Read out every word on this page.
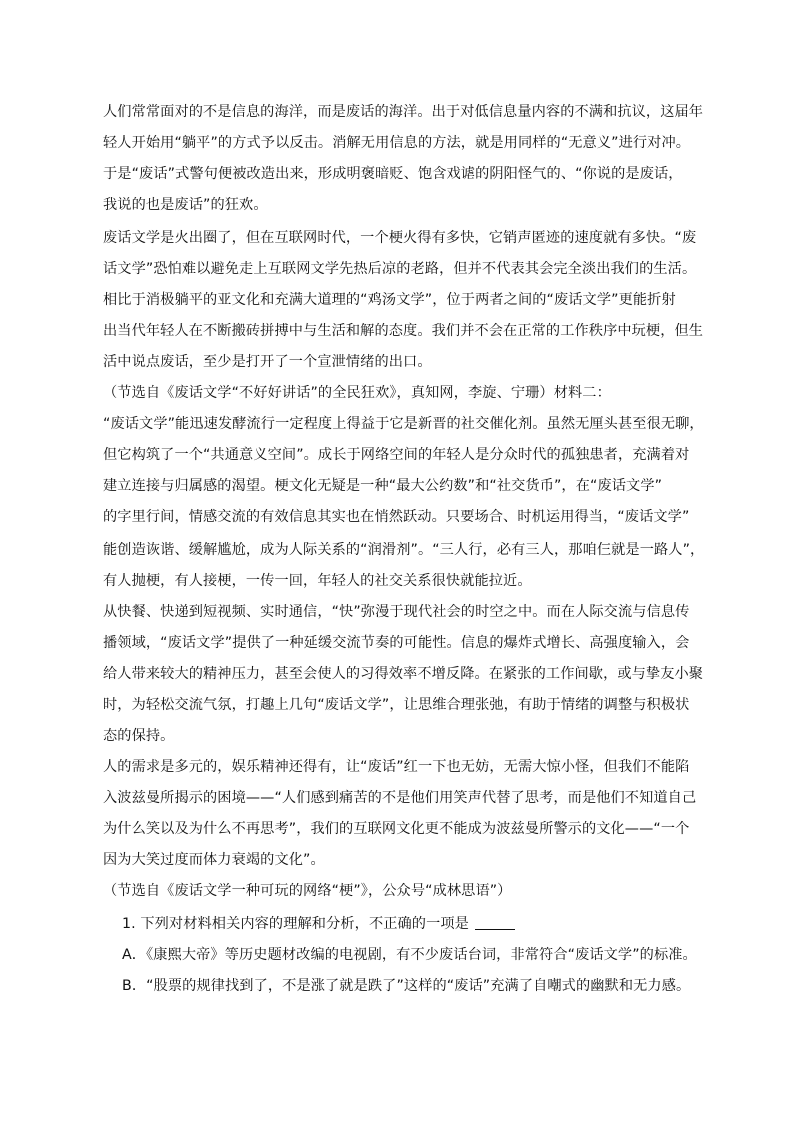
人们常常面对的不是信息的海洋，而是废话的海洋。出于对低信息量内容的不满和抗议，这届年
轻人开始用“躺平”的方式予以反击。消解无用信息的方法，就是用同样的“无意义”进行对冲。
于是“废话”式警句便被改造出来，形成明褒暗贬、饱含戏谑的阴阳怪气的、“你说的是废话，
我说的也是废话”的狂欢。
废话文学是火出圈了，但在互联网时代，一个梗火得有多快，它销声匿迹的速度就有多快。“废
话文学”恐怕难以避免走上互联网文学先热后凉的老路，但并不代表其会完全淡出我们的生活。
相比于消极躺平的亚文化和充满大道理的“鸡汤文学”，位于两者之间的“废话文学”更能折射
出当代年轻人在不断搬砖拼搏中与生活和解的态度。我们并不会在正常的工作秩序中玩梗，但生
活中说点废话，至少是打开了一个宣泄情绪的出口。
（节选自《废话文学“不好好讲话”的全民狂欢》，真知网，李旋、宁珊）材料二：
“废话文学”能迅速发酵流行一定程度上得益于它是新晋的社交催化剂。虽然无厘头甚至很无聊，
但它构筑了一个“共通意义空间”。成长于网络空间的年轻人是分众时代的孤独患者，充满着对
建立连接与归属感的渴望。梗文化无疑是一种“最大公约数”和“社交货币”，在“废话文学”
的字里行间，情感交流的有效信息其实也在悄然跃动。只要场合、时机运用得当，“废话文学”
能创造诙谐、缓解尴尬，成为人际关系的“润滑剂”。“三人行，必有三人，那咱仨就是一路人”，
有人抛梗，有人接梗，一传一回，年轻人的社交关系很快就能拉近。
从快餐、快递到短视频、实时通信，“快”弥漫于现代社会的时空之中。而在人际交流与信息传
播领域，“废话文学”提供了一种延缓交流节奏的可能性。信息的爆炸式增长、高强度输入，会
给人带来较大的精神压力，甚至会使人的习得效率不增反降。在紧张的工作间歇，或与挚友小聚
时，为轻松交流气氛，打趣上几句“废话文学”，让思维合理张弛，有助于情绪的调整与积极状
态的保持。
人的需求是多元的，娱乐精神还得有，让“废话”红一下也无妨，无需大惊小怪，但我们不能陷
入波兹曼所揭示的困境——“人们感到痛苦的不是他们用笑声代替了思考，而是他们不知道自己
为什么笑以及为什么不再思考”，我们的互联网文化更不能成为波兹曼所警示的文化——“一个
因为大笑过度而体力衰竭的文化”。
（节选自《废话文学一种可玩的网络“梗”》，公众号“成林思语”）
1. 下列对材料相关内容的理解和分析，不正确的一项是
A．《康熙大帝》等历史题材改编的电视剧，有不少废话台词，非常符合“废话文学”的标准。
B．“股票的规律找到了，不是涨了就是跌了”这样的“废话”充满了自嘲式的幽默和无力感。
